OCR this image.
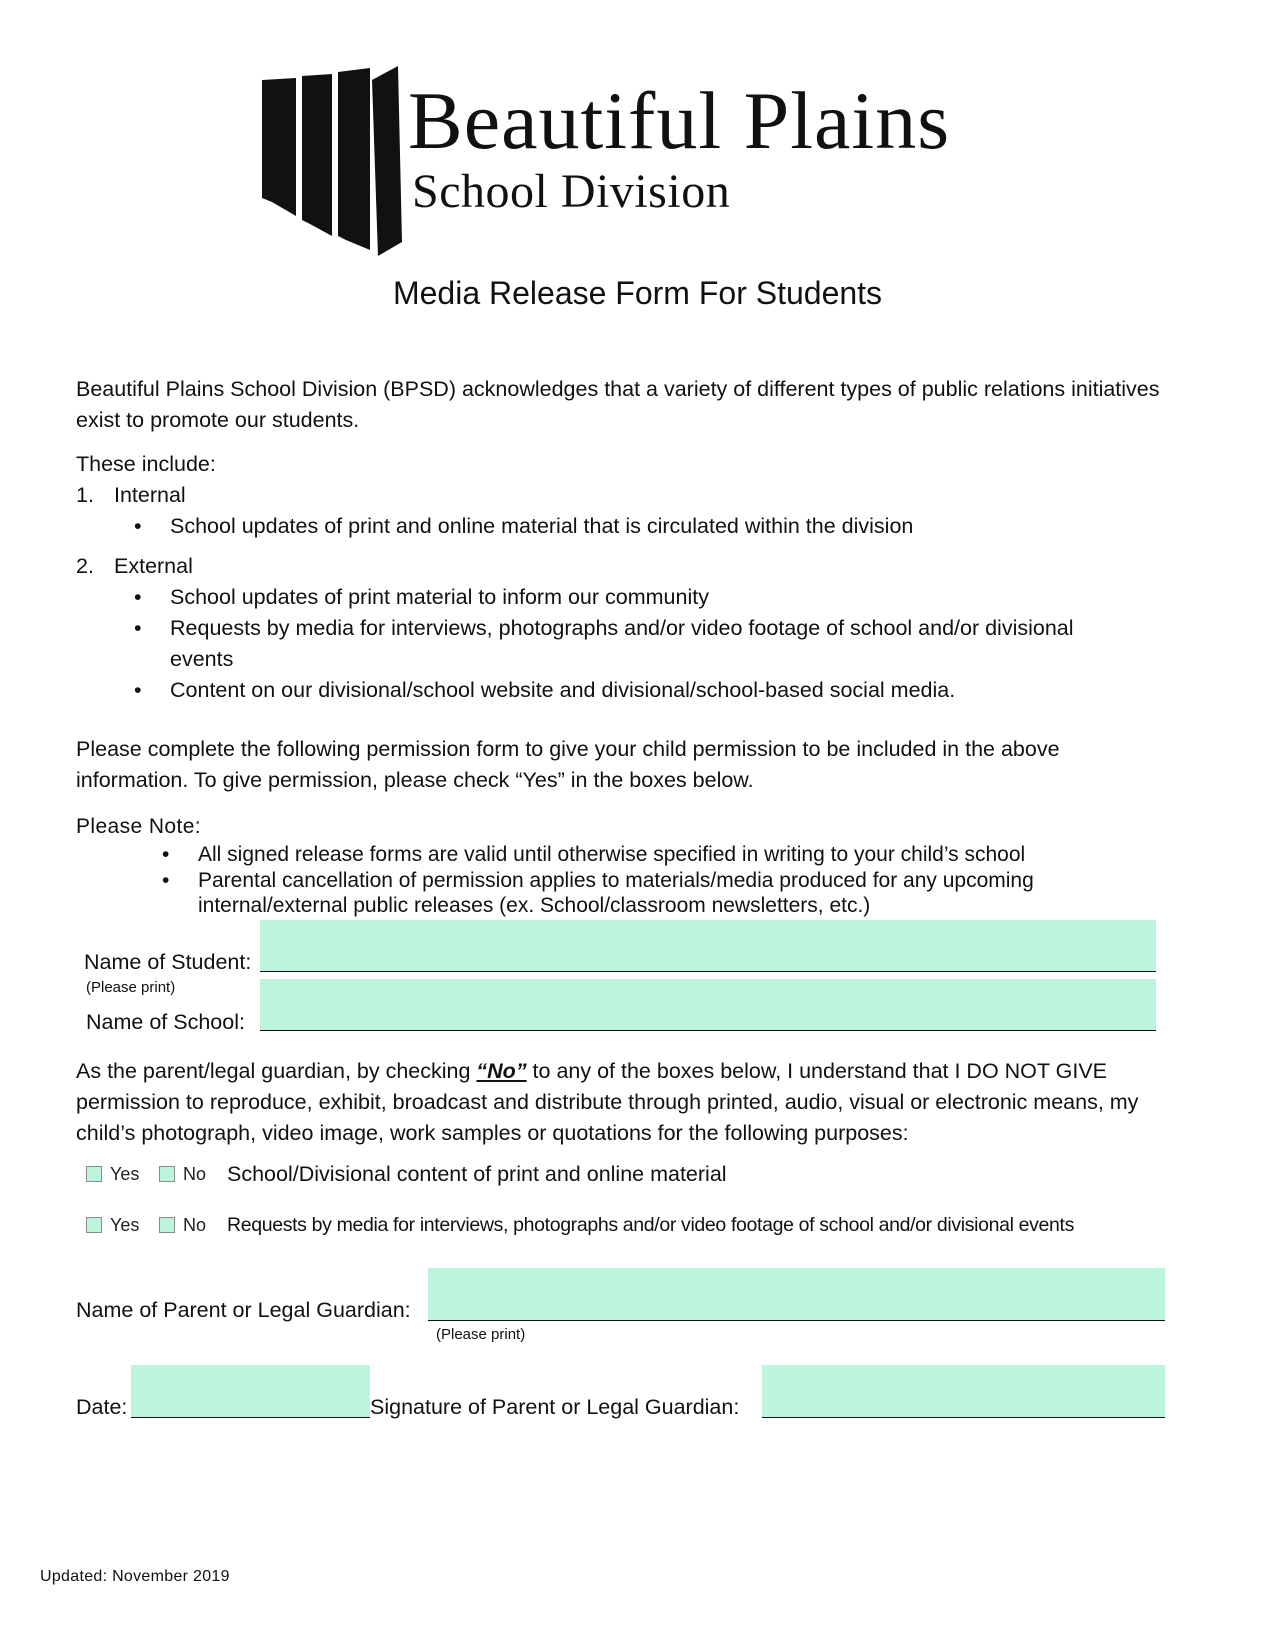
Beautiful Plains
School Division
Media Release Form For Students
Beautiful Plains School Division (BPSD) acknowledges that a variety of different types of public relations initiatives exist to promote our students.
These include:
1. Internal
• School updates of print and online material that is circulated within the division
2. External
• School updates of print material to inform our community
• Requests by media for interviews, photographs and/or video footage of school and/or divisional events
• Content on our divisional/school website and divisional/school-based social media.
Please complete the following permission form to give your child permission to be included in the above information. To give permission, please check “Yes” in the boxes below.
Please Note:
• All signed release forms are valid until otherwise specified in writing to your child’s school
• Parental cancellation of permission applies to materials/media produced for any upcoming internal/external public releases (ex. School/classroom newsletters, etc.)
Name of Student:
(Please print)
Name of School:
As the parent/legal guardian, by checking “No” to any of the boxes below, I understand that I DO NOT GIVE permission to reproduce, exhibit, broadcast and distribute through printed, audio, visual or electronic means, my child’s photograph, video image, work samples or quotations for the following purposes:
Yes No School/Divisional content of print and online material
Yes No Requests by media for interviews, photographs and/or video footage of school and/or divisional events
Name of Parent or Legal Guardian:
(Please print)
Date:	Signature of Parent or Legal Guardian:
Updated: November 2019
